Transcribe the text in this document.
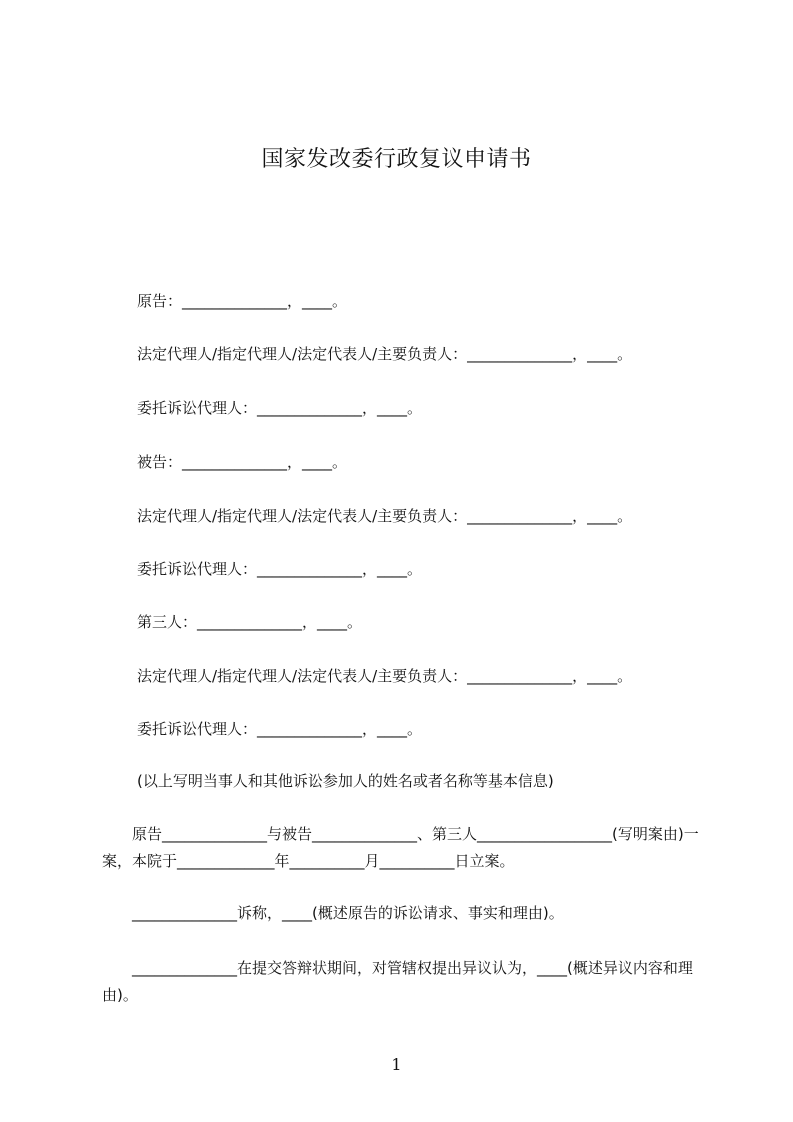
国家发改委行政复议申请书
原告：______________，____。
法定代理人/指定代理人/法定代表人/主要负责人：______________，____。
委托诉讼代理人：______________，____。
被告：______________，____。
法定代理人/指定代理人/法定代表人/主要负责人：______________，____。
委托诉讼代理人：______________，____。
第三人：______________，____。
法定代理人/指定代理人/法定代表人/主要负责人：______________，____。
委托诉讼代理人：______________，____。
(以上写明当事人和其他诉讼参加人的姓名或者名称等基本信息)
　　原告______________与被告______________、第三人__________________(写明案由)一案，本院于_____________年__________月__________日立案。
　　______________诉称，____(概述原告的诉讼请求、事实和理由)。
　　______________在提交答辩状期间，对管辖权提出异议认为，____(概述异议内容和理由)。
1
